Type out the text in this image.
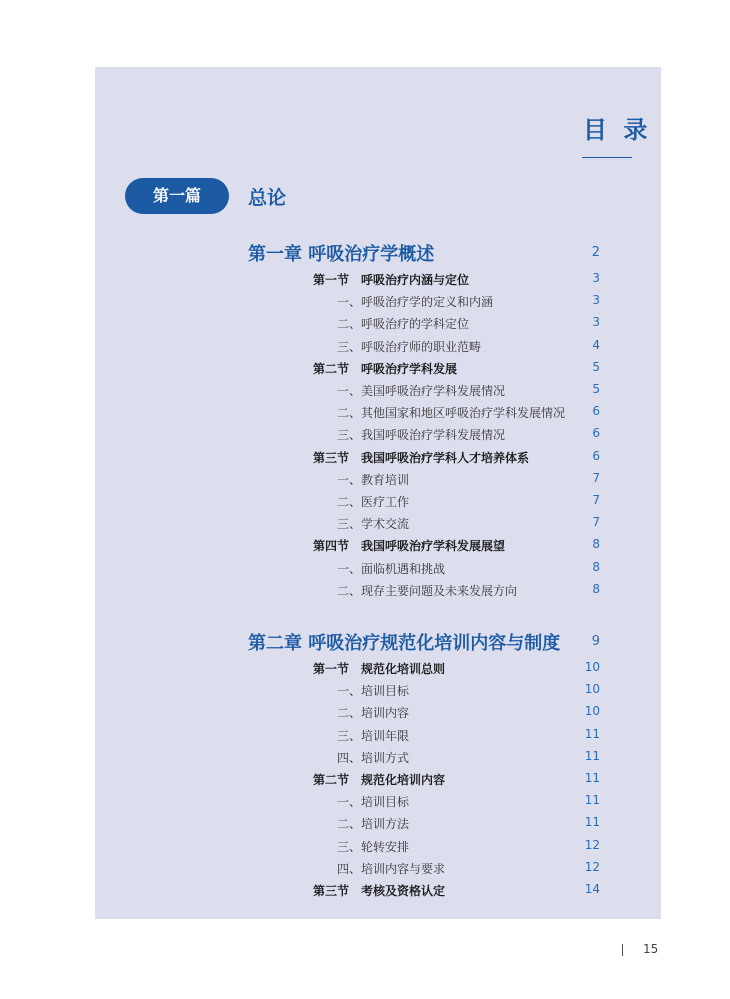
目 录
第一篇	总论
第一章 呼吸治疗学概述	2
第一节　呼吸治疗内涵与定位	3
一、呼吸治疗学的定义和内涵	3
二、呼吸治疗的学科定位	3
三、呼吸治疗师的职业范畴	4
第二节　呼吸治疗学科发展	5
一、美国呼吸治疗学科发展情况	5
二、其他国家和地区呼吸治疗学科发展情况	6
三、我国呼吸治疗学科发展情况	6
第三节　我国呼吸治疗学科人才培养体系	6
一、教育培训	7
二、医疗工作	7
三、学术交流	7
第四节　我国呼吸治疗学科发展展望	8
一、面临机遇和挑战	8
二、现存主要问题及未来发展方向	8
第二章 呼吸治疗规范化培训内容与制度	9
第一节　规范化培训总则	10
一、培训目标	10
二、培训内容	10
三、培训年限	11
四、培训方式	11
第二节　规范化培训内容	11
一、培训目标	11
二、培训方法	11
三、轮转安排	12
四、培训内容与要求	12
第三节　考核及资格认定	14
15
